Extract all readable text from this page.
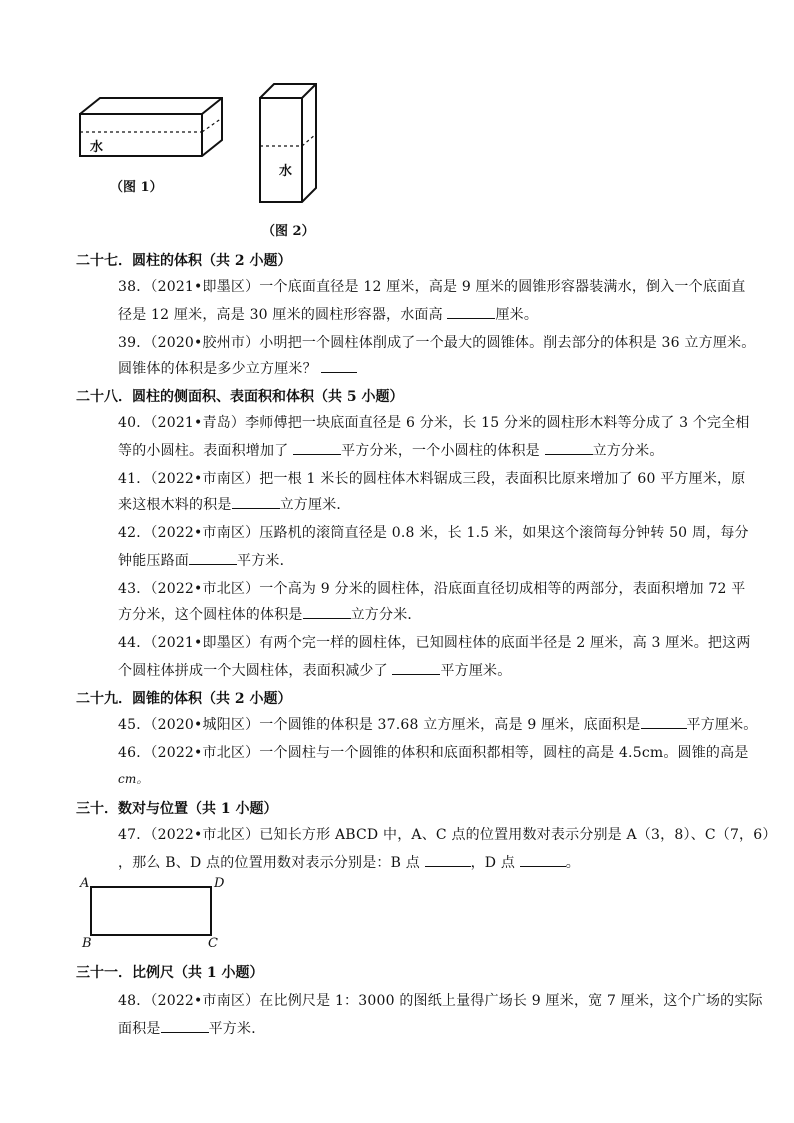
水
（图 1）
水
（图 2）
二十七．圆柱的体积（共 2 小题）
38．（2021•即墨区）一个底面直径是 12 厘米，高是 9 厘米的圆锥形容器装满水，倒入一个底面直
径是 12 厘米，高是 30 厘米的圆柱形容器，水面高	厘米。
39．（2020•胶州市）小明把一个圆柱体削成了一个最大的圆锥体。削去部分的体积是 36 立方厘米。
圆锥体的体积是多少立方厘米？
二十八．圆柱的侧面积、表面积和体积（共 5 小题）
40．（2021•青岛）李师傅把一块底面直径是 6 分米，长 15 分米的圆柱形木料等分成了 3 个完全相
等的小圆柱。表面积增加了	平方分米，一个小圆柱的体积是	立方分米。
41．（2022•市南区）把一根 1 米长的圆柱体木料锯成三段，表面积比原来增加了 60 平方厘米，原
来这根木料的积是	立方厘米．
42．（2022•市南区）压路机的滚筒直径是 0.8 米，长 1.5 米，如果这个滚筒每分钟转 50 周，每分
钟能压路面	平方米．
43．（2022•市北区）一个高为 9 分米的圆柱体，沿底面直径切成相等的两部分，表面积增加 72 平
方分米，这个圆柱体的体积是	立方分米．
44．（2021•即墨区）有两个完一样的圆柱体，已知圆柱体的底面半径是 2 厘米，高 3 厘米。把这两
个圆柱体拼成一个大圆柱体，表面积减少了	平方厘米。
二十九．圆锥的体积（共 2 小题）
45．（2020•城阳区）一个圆锥的体积是 37.68 立方厘米，高是 9 厘米，底面积是	平方厘米。
46．（2022•市北区）一个圆柱与一个圆锥的体积和底面积都相等，圆柱的高是 4.5cm。圆锥的高是
cm。
三十．数对与位置（共 1 小题）
47．（2022•市北区）已知长方形 ABCD 中，A、C 点的位置用数对表示分别是 A（3，8）、C（7，6）
，那么 B、D 点的位置用数对表示分别是：B 点	，D 点	。
A	D
B	C
三十一．比例尺（共 1 小题）
48．（2022•市南区）在比例尺是 1：3000 的图纸上量得广场长 9 厘米，宽 7 厘米，这个广场的实际
面积是	平方米．
